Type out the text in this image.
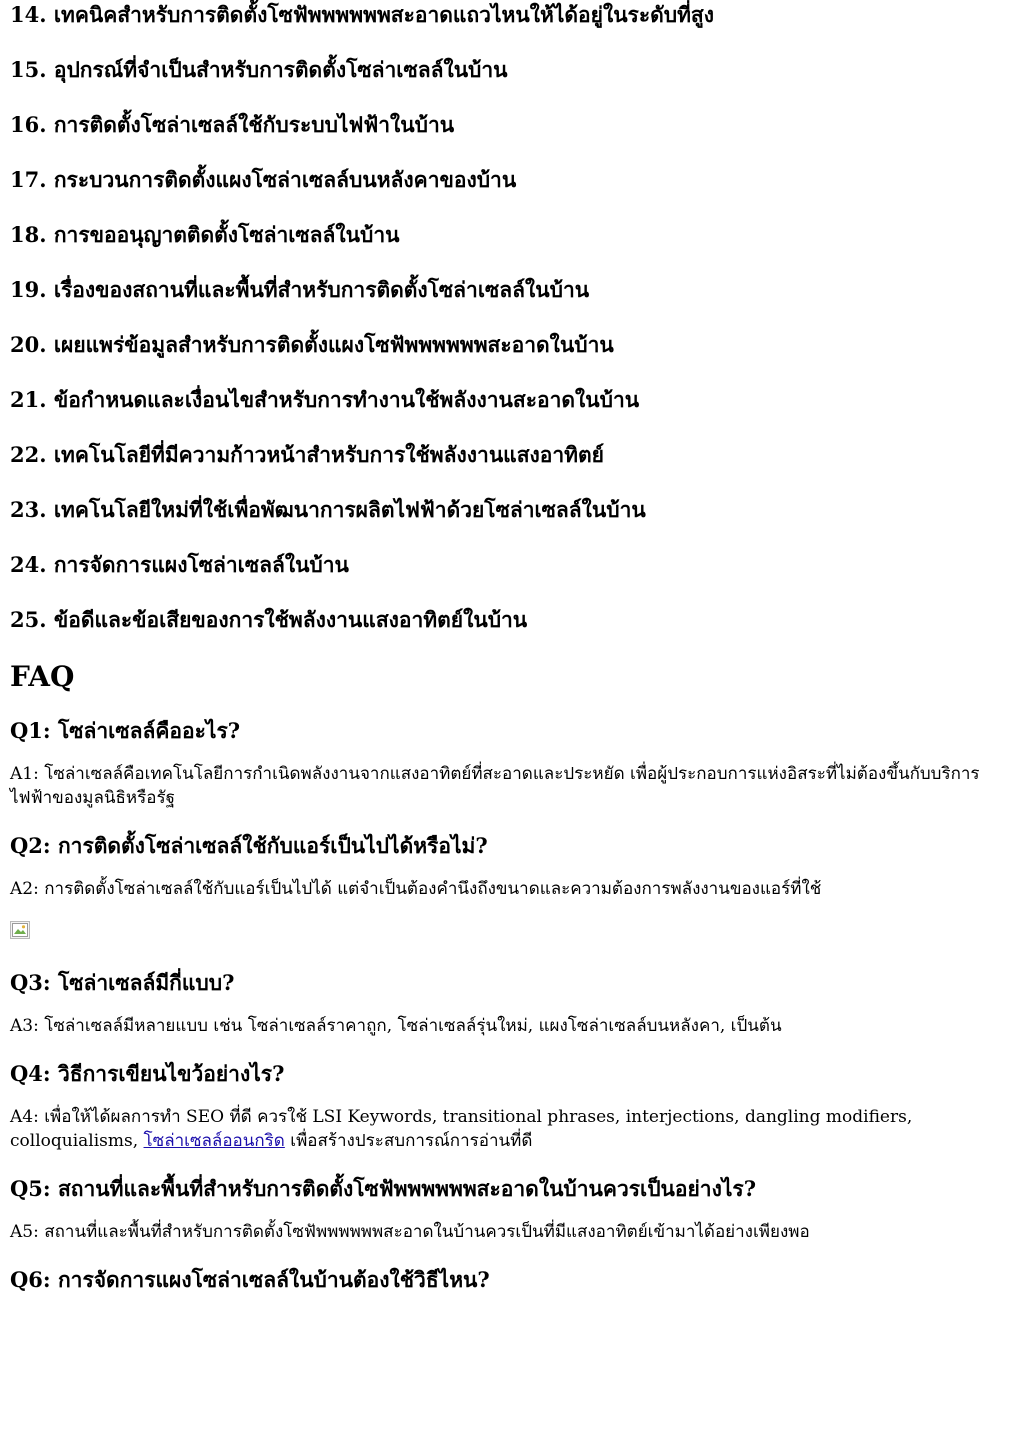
14. เทคนิคสำหรับการติดตั้งโซฟัพพพพพพสะอาดแถวไหนให้ได้อยู่ในระดับที่สูง

15. อุปกรณ์ที่จำเป็นสำหรับการติดตั้งโซล่าเซลล์ในบ้าน

16. การติดตั้งโซล่าเซลล์ใช้กับระบบไฟฟ้าในบ้าน

17. กระบวนการติดตั้งแผงโซล่าเซลล์บนหลังคาของบ้าน

18. การขออนุญาตติดตั้งโซล่าเซลล์ในบ้าน

19. เรื่องของสถานที่และพื้นที่สำหรับการติดตั้งโซล่าเซลล์ในบ้าน

20. เผยแพร่ข้อมูลสำหรับการติดตั้งแผงโซฟัพพพพพพสะอาดในบ้าน

21. ข้อกำหนดและเงื่อนไขสำหรับการทำงานใช้พลังงานสะอาดในบ้าน

22. เทคโนโลยีที่มีความก้าวหน้าสำหรับการใช้พลังงานแสงอาทิตย์

23. เทคโนโลยีใหม่ที่ใช้เพื่อพัฒนาการผลิตไฟฟ้าด้วยโซล่าเซลล์ในบ้าน

24. การจัดการแผงโซล่าเซลล์ในบ้าน

25. ข้อดีและข้อเสียของการใช้พลังงานแสงอาทิตย์ในบ้าน

FAQ
Q1: โซล่าเซลล์คืออะไร?

A1: โซล่าเซลล์คือเทคโนโลยีการกำเนิดพลังงานจากแสงอาทิตย์ที่สะอาดและประหยัด เพื่อผู้ประกอบการแห่งอิสระที่ไม่ต้องขึ้นกับบริการไฟฟ้าของมูลนิธิหรือรัฐ

Q2: การติดตั้งโซล่าเซลล์ใช้กับแอร์เป็นไปได้หรือไม่?

A2: การติดตั้งโซล่าเซลล์ใช้กับแอร์เป็นไปได้ แต่จำเป็นต้องคำนึงถึงขนาดและความต้องการพลังงานของแอร์ที่ใช้

Q3: โซล่าเซลล์มีกี่แบบ?

A3: โซล่าเซลล์มีหลายแบบ เช่น โซล่าเซลล์ราคาถูก, โซล่าเซลล์รุ่นใหม่, แผงโซล่าเซลล์บนหลังคา, เป็นต้น

Q4: วิธีการเขียนไขว้อย่างไร?

A4: เพื่อให้ได้ผลการทำ SEO ที่ดี ควรใช้ LSI Keywords, transitional phrases, interjections, dangling modifiers, colloquialisms, โซล่าเซลล์ออนกริด เพื่อสร้างประสบการณ์การอ่านที่ดี

Q5: สถานที่และพื้นที่สำหรับการติดตั้งโซฟัพพพพพพสะอาดในบ้านควรเป็นอย่างไร?

A5: สถานที่และพื้นที่สำหรับการติดตั้งโซฟัพพพพพพสะอาดในบ้านควรเป็นที่มีแสงอาทิตย์เข้ามาได้อย่างเพียงพอ

Q6: การจัดการแผงโซล่าเซลล์ในบ้านต้องใช้วิธีไหน?
